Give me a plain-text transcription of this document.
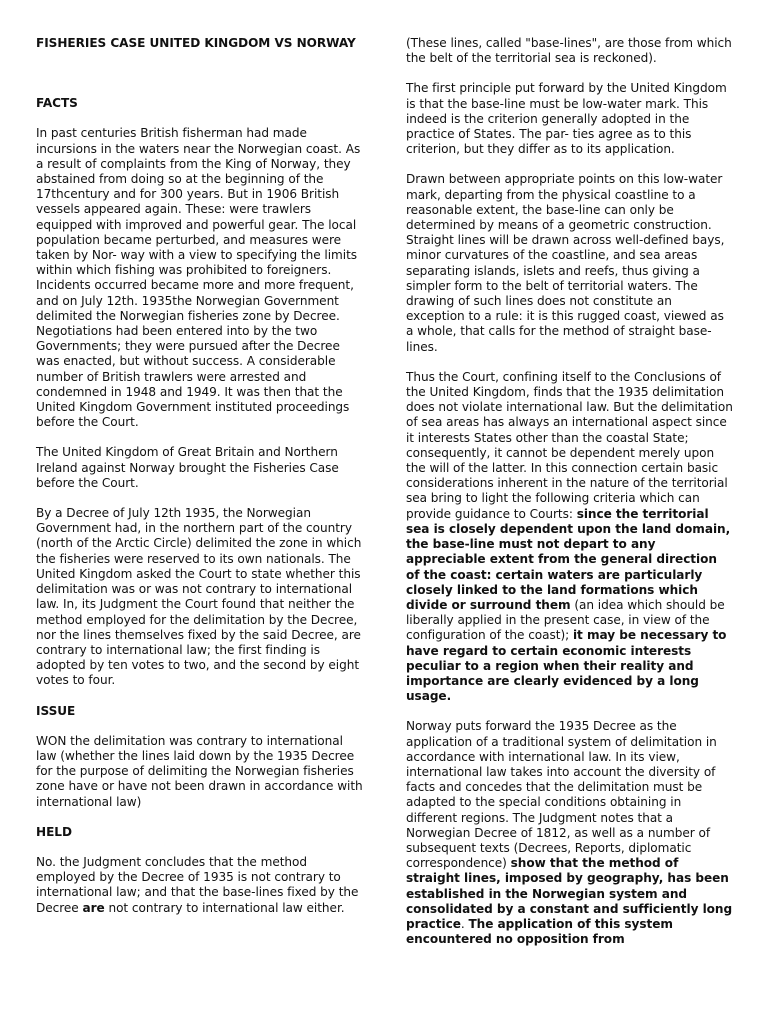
FISHERIES CASE UNITED KINGDOM VS NORWAY
FACTS

In past centuries British fisherman had made incursions in the waters near the Norwegian coast. As a result of complaints from the King of Norway, they abstained from doing so at the beginning of the 17thcentury and for 300 years. But in 1906 British vessels appeared again. These: were trawlers equipped with improved and powerful gear. The local population became perturbed, and measures were taken by Nor- way with a view to specifying the limits within which fishing was prohibited to foreigners. Incidents occurred became more and more frequent, and on July 12th. 1935the Norwegian Government delimited the Norwegian fisheries zone by Decree. Negotiations had been entered into by the two Governments; they were pursued after the Decree was enacted, but without success. A considerable number of British trawlers were arrested and condemned in 1948 and 1949. It was then that the United Kingdom Government instituted proceedings before the Court.

The United Kingdom of Great Britain and Northern Ireland against Norway brought the Fisheries Case before the Court.

By a Decree of July 12th 1935, the Norwegian Government had, in the northern part of the country (north of the Arctic Circle) delimited the zone in which the fisheries were reserved to its own nationals. The United Kingdom asked the Court to state whether this delimitation was or was not contrary to international law. In, its Judgment the Court found that neither the method employed for the delimitation by the Decree, nor the lines themselves fixed by the said Decree, are contrary to international law; the first finding is adopted by ten votes to two, and the second by eight votes to four.

ISSUE

WON the delimitation was contrary to international law (whether the lines laid down by the 1935 Decree for the purpose of delimiting the Norwegian fisheries zone have or have not been drawn in accordance with international law)

HELD

No. the Judgment concludes that the method employed by the Decree of 1935 is not contrary to international law; and that the base-lines fixed by the Decree are not contrary to international law either.

(These lines, called "base-lines", are those from which the belt of the territorial sea is reckoned).

The first principle put forward by the United Kingdom is that the base-line must be low-water mark. This indeed is the criterion generally adopted in the practice of States. The par- ties agree as to this criterion, but they differ as to its application.

Drawn between appropriate points on this low-water mark, departing from the physical coastline to a reasonable extent, the base-line can only be determined by means of a geometric construction. Straight lines will be drawn across well-defined bays, minor curvatures of the coastline, and sea areas separating islands, islets and reefs, thus giving a simpler form to the belt of territorial waters. The drawing of such lines does not constitute an exception to a rule: it is this rugged coast, viewed as a whole, that calls for the method of straight base-lines.

Thus the Court, confining itself to the Conclusions of the United Kingdom, finds that the 1935 delimitation does not violate international law. But the delimitation of sea areas has always an international aspect since it interests States other than the coastal State; consequently, it cannot be dependent merely upon the will of the latter. In this connection certain basic considerations inherent in the nature of the territorial sea bring to light the following criteria which can provide guidance to Courts: since the territorial sea is closely dependent upon the land domain, the base-line must not depart to any appreciable extent from the general direction of the coast: certain waters are particularly closely linked to the land formations which divide or surround them (an idea which should be liberally applied in the present case, in view of the configuration of the coast); it may be necessary to have regard to certain economic interests peculiar to a region when their reality and importance are clearly evidenced by a long usage.

Norway puts forward the 1935 Decree as the application of a traditional system of delimitation in accordance with international law. In its view, international law takes into account the diversity of facts and concedes that the delimitation must be adapted to the special conditions obtaining in different regions. The Judgment notes that a Norwegian Decree of 1812, as well as a number of subsequent texts (Decrees, Reports, diplomatic correspondence) show that the method of straight lines, imposed by geography, has been established in the Norwegian system and consolidated by a constant and sufficiently long practice. The application of this system encountered no opposition from
